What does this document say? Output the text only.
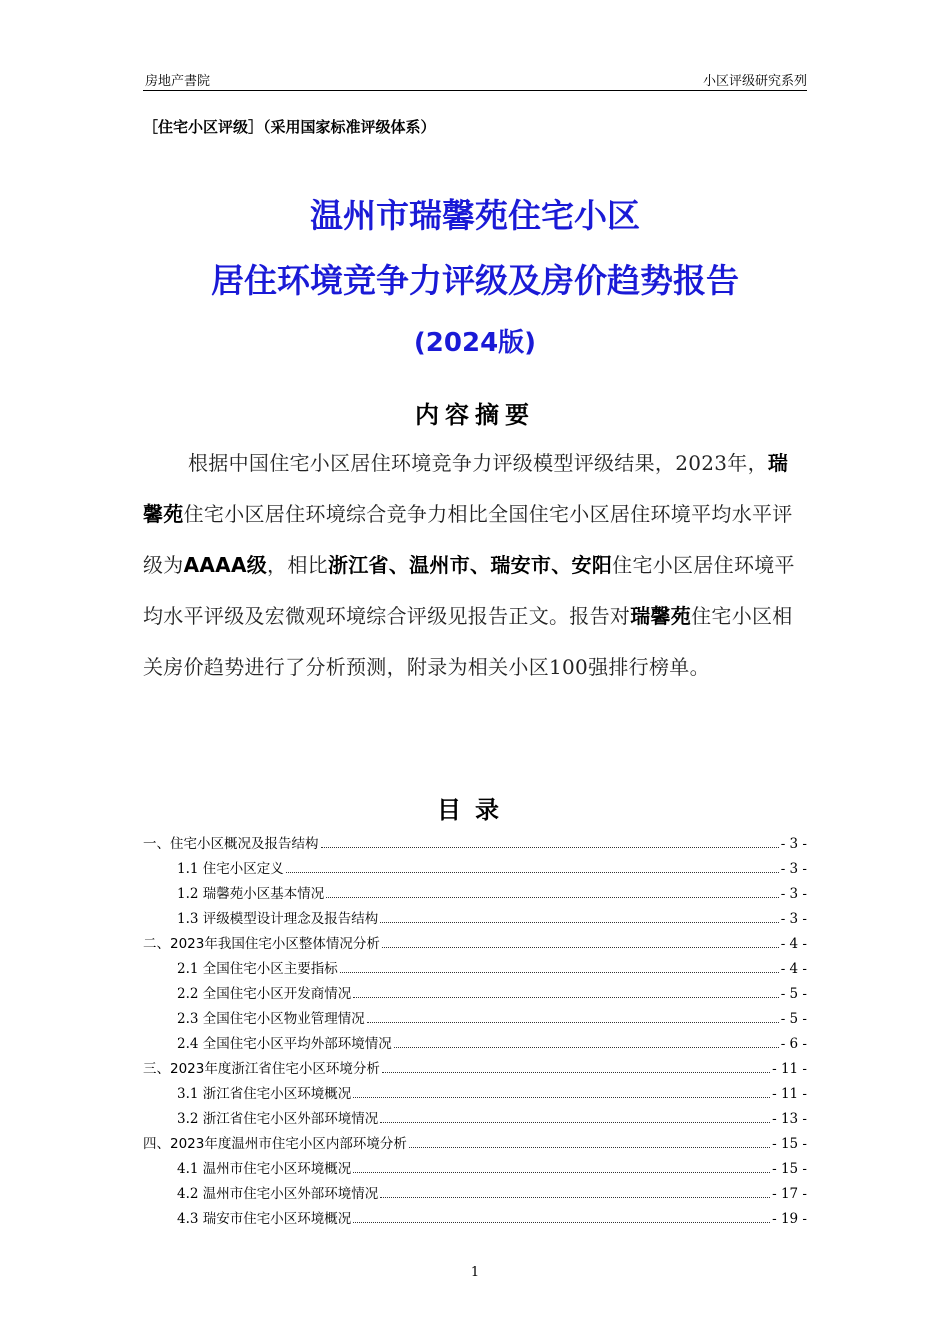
房地产書院	小区评级研究系列
［住宅小区评级］（采用国家标准评级体系）
温州市瑞馨苑住宅小区
居住环境竞争力评级及房价趋势报告
(2024版)
内容摘要
根据中国住宅小区居住环境竞争力评级模型评级结果，2023年，瑞馨苑住宅小区居住环境综合竞争力相比全国住宅小区居住环境平均水平评级为AAAA级，相比浙江省、温州市、瑞安市、安阳住宅小区居住环境平均水平评级及宏微观环境综合评级见报告正文。报告对瑞馨苑住宅小区相关房价趋势进行了分析预测，附录为相关小区100强排行榜单。
目录
一、住宅小区概况及报告结构	- 3 -
1.1 住宅小区定义	- 3 -
1.2 瑞馨苑小区基本情况	- 3 -
1.3 评级模型设计理念及报告结构	- 3 -
二、2023年我国住宅小区整体情况分析	- 4 -
2.1 全国住宅小区主要指标	- 4 -
2.2 全国住宅小区开发商情况	- 5 -
2.3 全国住宅小区物业管理情况	- 5 -
2.4 全国住宅小区平均外部环境情况	- 6 -
三、2023年度浙江省住宅小区环境分析	- 11 -
3.1 浙江省住宅小区环境概况	- 11 -
3.2 浙江省住宅小区外部环境情况	- 13 -
四、2023年度温州市住宅小区内部环境分析	- 15 -
4.1 温州市住宅小区环境概况	- 15 -
4.2 温州市住宅小区外部环境情况	- 17 -
4.3 瑞安市住宅小区环境概况	- 19 -
1
